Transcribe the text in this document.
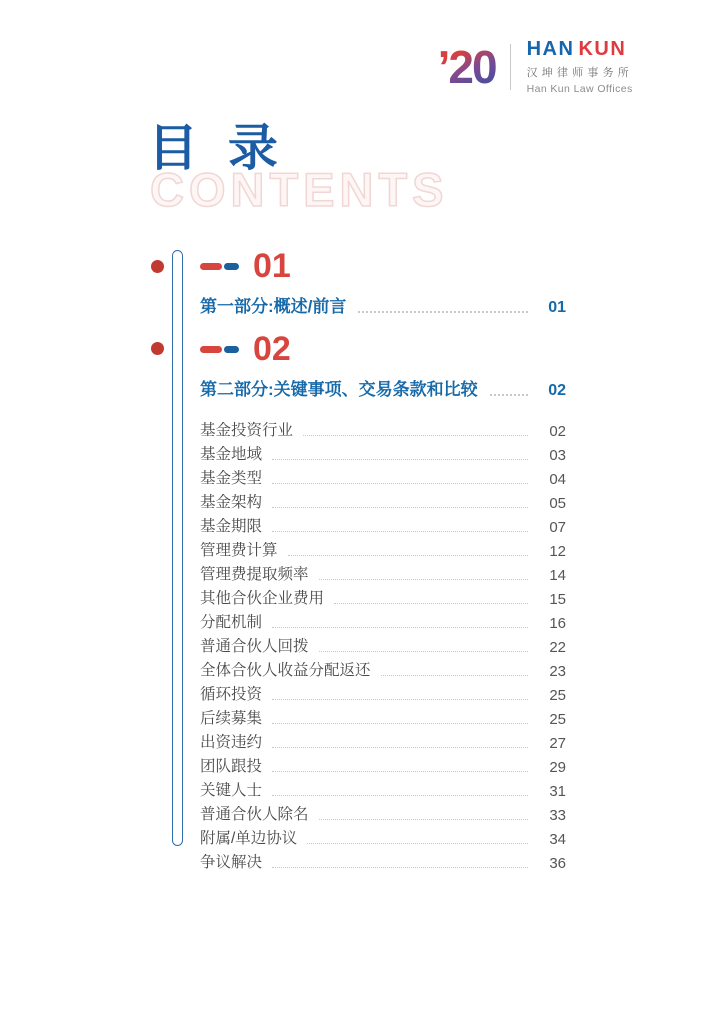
’20 HAN KUN
汉坤律师事务所
Han Kun Law Offices
CONTENTS
目 录
01
第一部分:概述/前言	01
02
第二部分:关键事项、交易条款和比较	02
基金投资行业	02
基金地域	03
基金类型	04
基金架构	05
基金期限	07
管理费计算	12
管理费提取频率	14
其他合伙企业费用	15
分配机制	16
普通合伙人回拨	22
全体合伙人收益分配返还	23
循环投资	25
后续募集	25
出资违约	27
团队跟投	29
关键人士	31
普通合伙人除名	33
附属/单边协议	34
争议解决	36
